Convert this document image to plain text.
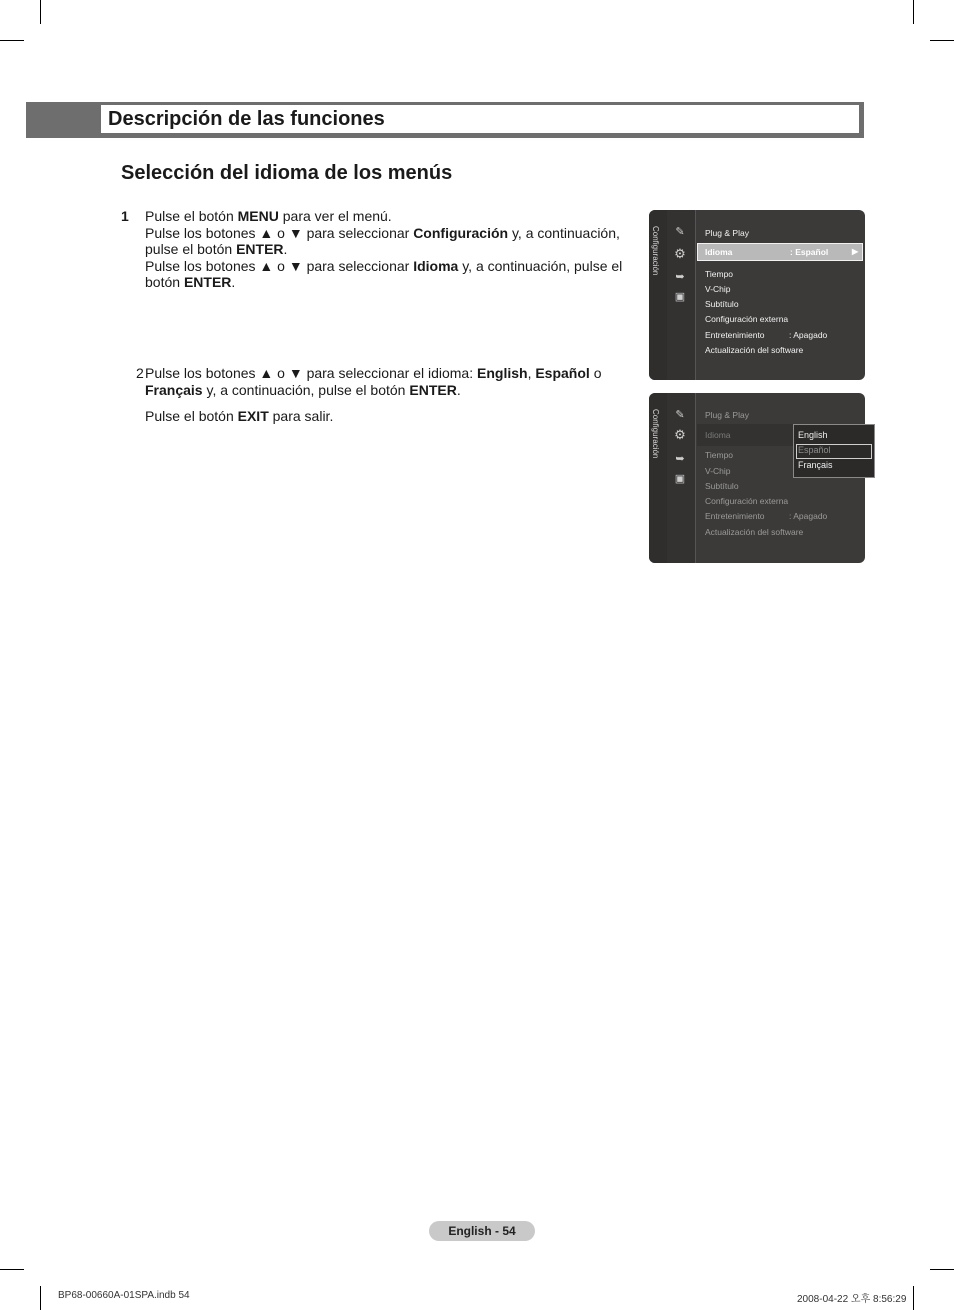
Descripción de las funciones
Selección del idioma de los menús
1 Pulse el botón MENU para ver el menú.
Pulse los botones ▲ o ▼ para seleccionar Configuración y, a continuación,
pulse el botón ENTER.
Pulse los botones ▲ o ▼ para seleccionar Idioma y, a continuación, pulse el
botón ENTER.
2 Pulse los botones ▲ o ▼ para seleccionar el idioma: English, Español o
Français y, a continuación, pulse el botón ENTER.
Pulse el botón EXIT para salir.
Configuración	✎
⚙
➥
▣
Plug & Play
Idioma	: Español	▶
Tiempo
V-Chip
Subtítulo
Configuración externa
Entretenimiento	: Apagado
Actualización del software
Configuración	✎
⚙
➥
▣
Plug & Play
Idioma
Tiempo
V-Chip
Subtítulo
Configuración externa
Entretenimiento	: Apagado
Actualización del software
English
Español
Français
English - 54
BP68-00660A-01SPA.indb 54	2008-04-22 오후 8:56:29
